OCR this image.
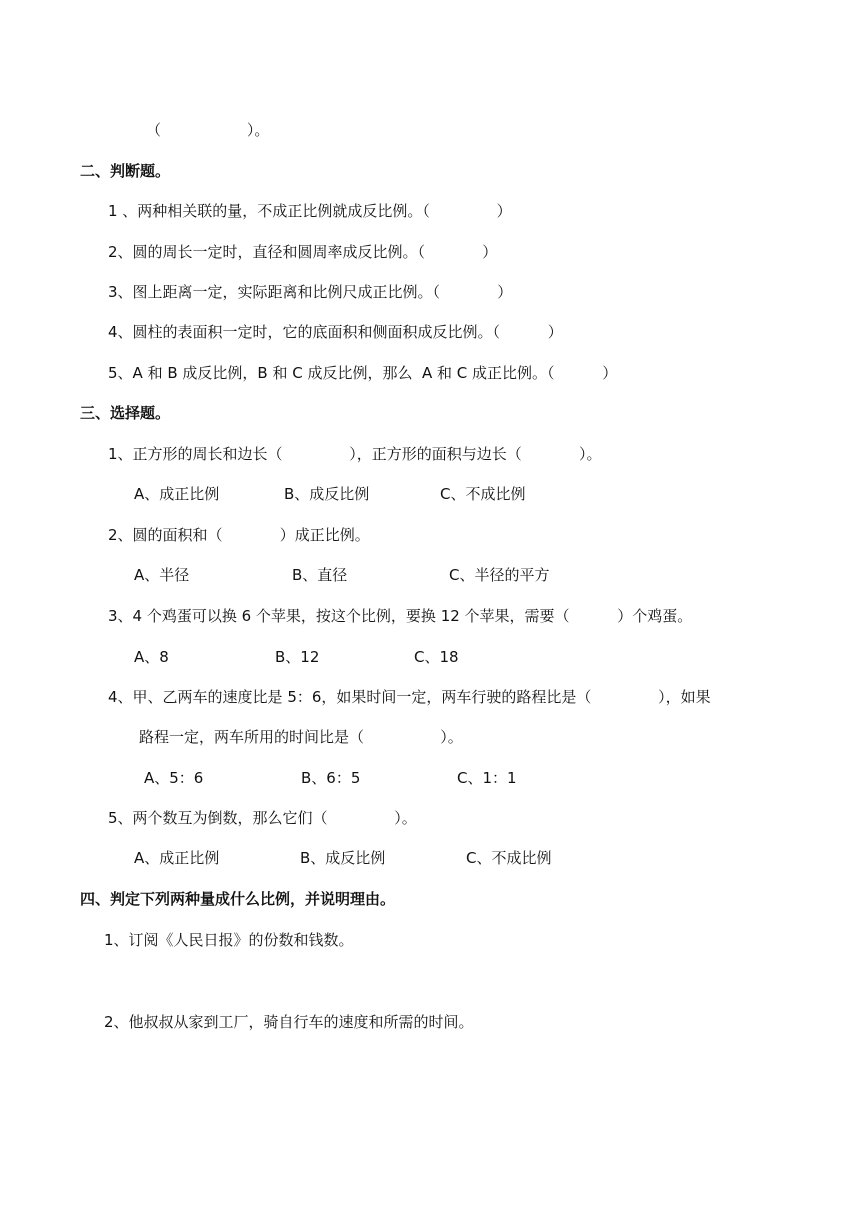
（                  ）。
二、判断题。
1 、两种相关联的量，不成正比例就成反比例。（              ）
2、圆的周长一定时，直径和圆周率成反比例。（            ）
3、图上距离一定，实际距离和比例尺成正比例。（            ）
4、圆柱的表面积一定时，它的底面积和侧面积成反比例。（          ）
5、A 和 B 成反比例，B 和 C 成反比例，那么  A 和 C 成正比例。（          ）
三、选择题。
1、正方形的周长和边长（              ），正方形的面积与边长（            ）。
A、成正比例	B、成反比例	C、不成比例
2、圆的面积和（            ）成正比例。
A、半径	B、直径	C、半径的平方
3、4 个鸡蛋可以换 6 个苹果，按这个比例，要换 12 个苹果，需要（          ）个鸡蛋。
A、8	B、12	C、18
4、甲、乙两车的速度比是 5：6，如果时间一定，两车行驶的路程比是（              ），如果
路程一定，两车所用的时间比是（                ）。
A、5：6	B、6：5	C、1：1
5、两个数互为倒数，那么它们（              ）。
A、成正比例	B、成反比例	C、不成比例
四、判定下列两种量成什么比例，并说明理由。
1、订阅《人民日报》的份数和钱数。
2、他叔叔从家到工厂，骑自行车的速度和所需的时间。
